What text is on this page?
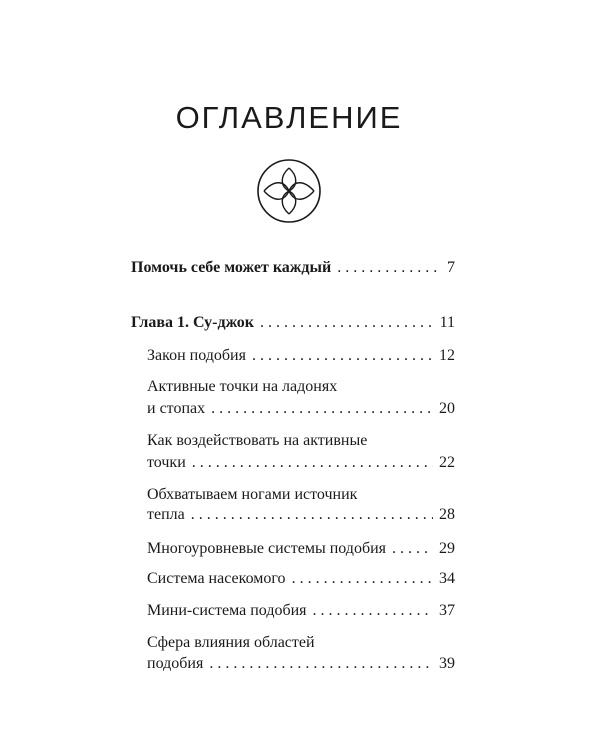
ОГЛАВЛЕНИЕ
Помочь себе может каждый . . .	7
Глава 1. Су-джок . . .	11
Закон подобия . . .	12
Активные точки на ладонях
и стопах . . .	20
Как воздействовать на активные
точки . . .	22
Обхватываем ногами источник
тепла . . .	28
Многоуровневые системы подобия . . .	29
Система насекомого . . .	34
Мини-система подобия . . .	37
Сфера влияния областей
подобия . . .	39
